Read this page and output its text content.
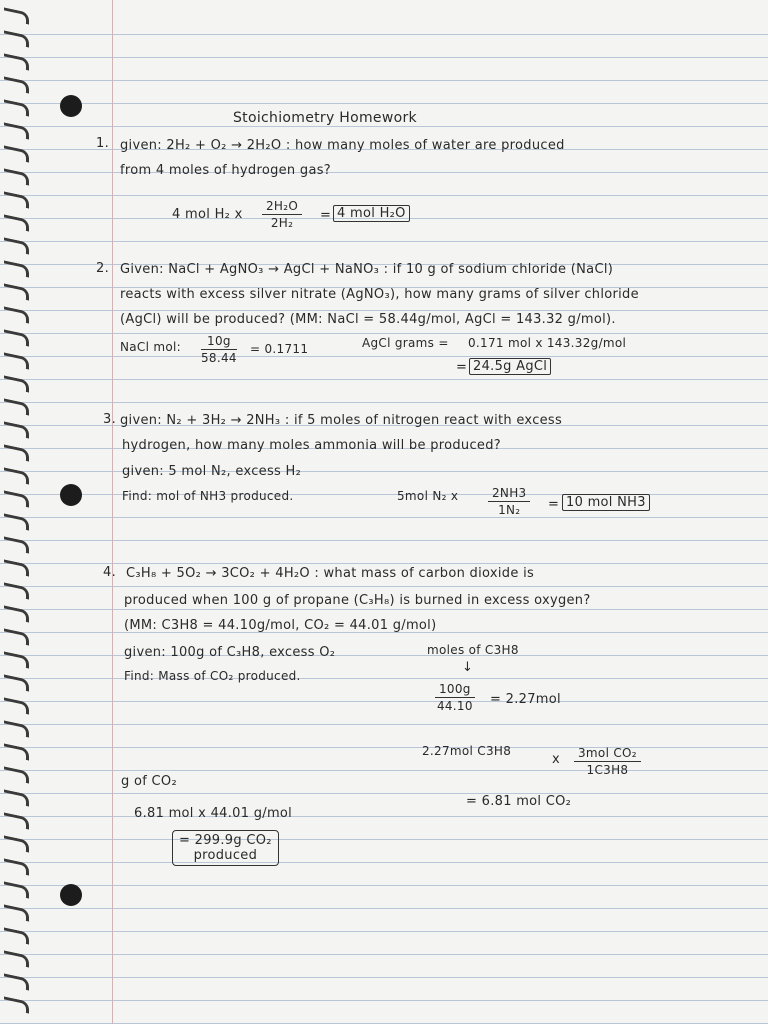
Stoichiometry Homework
1. given: 2H₂ + O₂ → 2H₂O : how many moles of water are produced
from 4 moles of hydrogen gas?
4 mol H₂ x $\frac{\text{2H₂O}}{\text{2H₂}} = 4$ mol H₂O
2. Given: NaCl + AgNO₃ → AgCl + NaNO₃ : if 10 g of sodium chloride (NaCl)
reacts with excess silver nitrate (AgNO₃), how many grams of silver chloride
(AgCl) will be produced? (MM: NaCl = 58.44g/mol, AgCl = 143.32 g/mol).
NaCl mol: $\frac{10g}{58.44} = 0.1711$	AgCl grams = 0.171 mol x 143.32g/mol
= 24.5g AgCl
3. given: N₂ + 3H₂ → 2NH₃ : if 5 moles of nitrogen react with excess
hydrogen, how many moles ammonia will be produced?
given: 5 mol N₂, excess H₂
Find: mol of NH3 produced.	5mol N₂ x $\frac{2NH3}{\text{1N₂}} = 10$ mol NH3
4. C₃H₈ + 5O₂ → 3CO₂ + 4H₂O : what mass of carbon dioxide is
produced when 100 g of propane (C₃H₈) is burned in excess oxygen?
(MM: C3H8 = 44.10g/mol, CO₂ = 44.01 g/mol)
given: 100g of C₃H8, excess O₂
Find: Mass of CO₂ produced.
moles of C3H8
↓
$\frac{100g}{44.10} = 2.27mol$
2.27mol C3H8
x	3mol CO₂
1C3H8
= 6.81 mol CO₂
g of CO₂
6.81 mol x 44.01 g/mol
= 299.9g CO₂
produced
